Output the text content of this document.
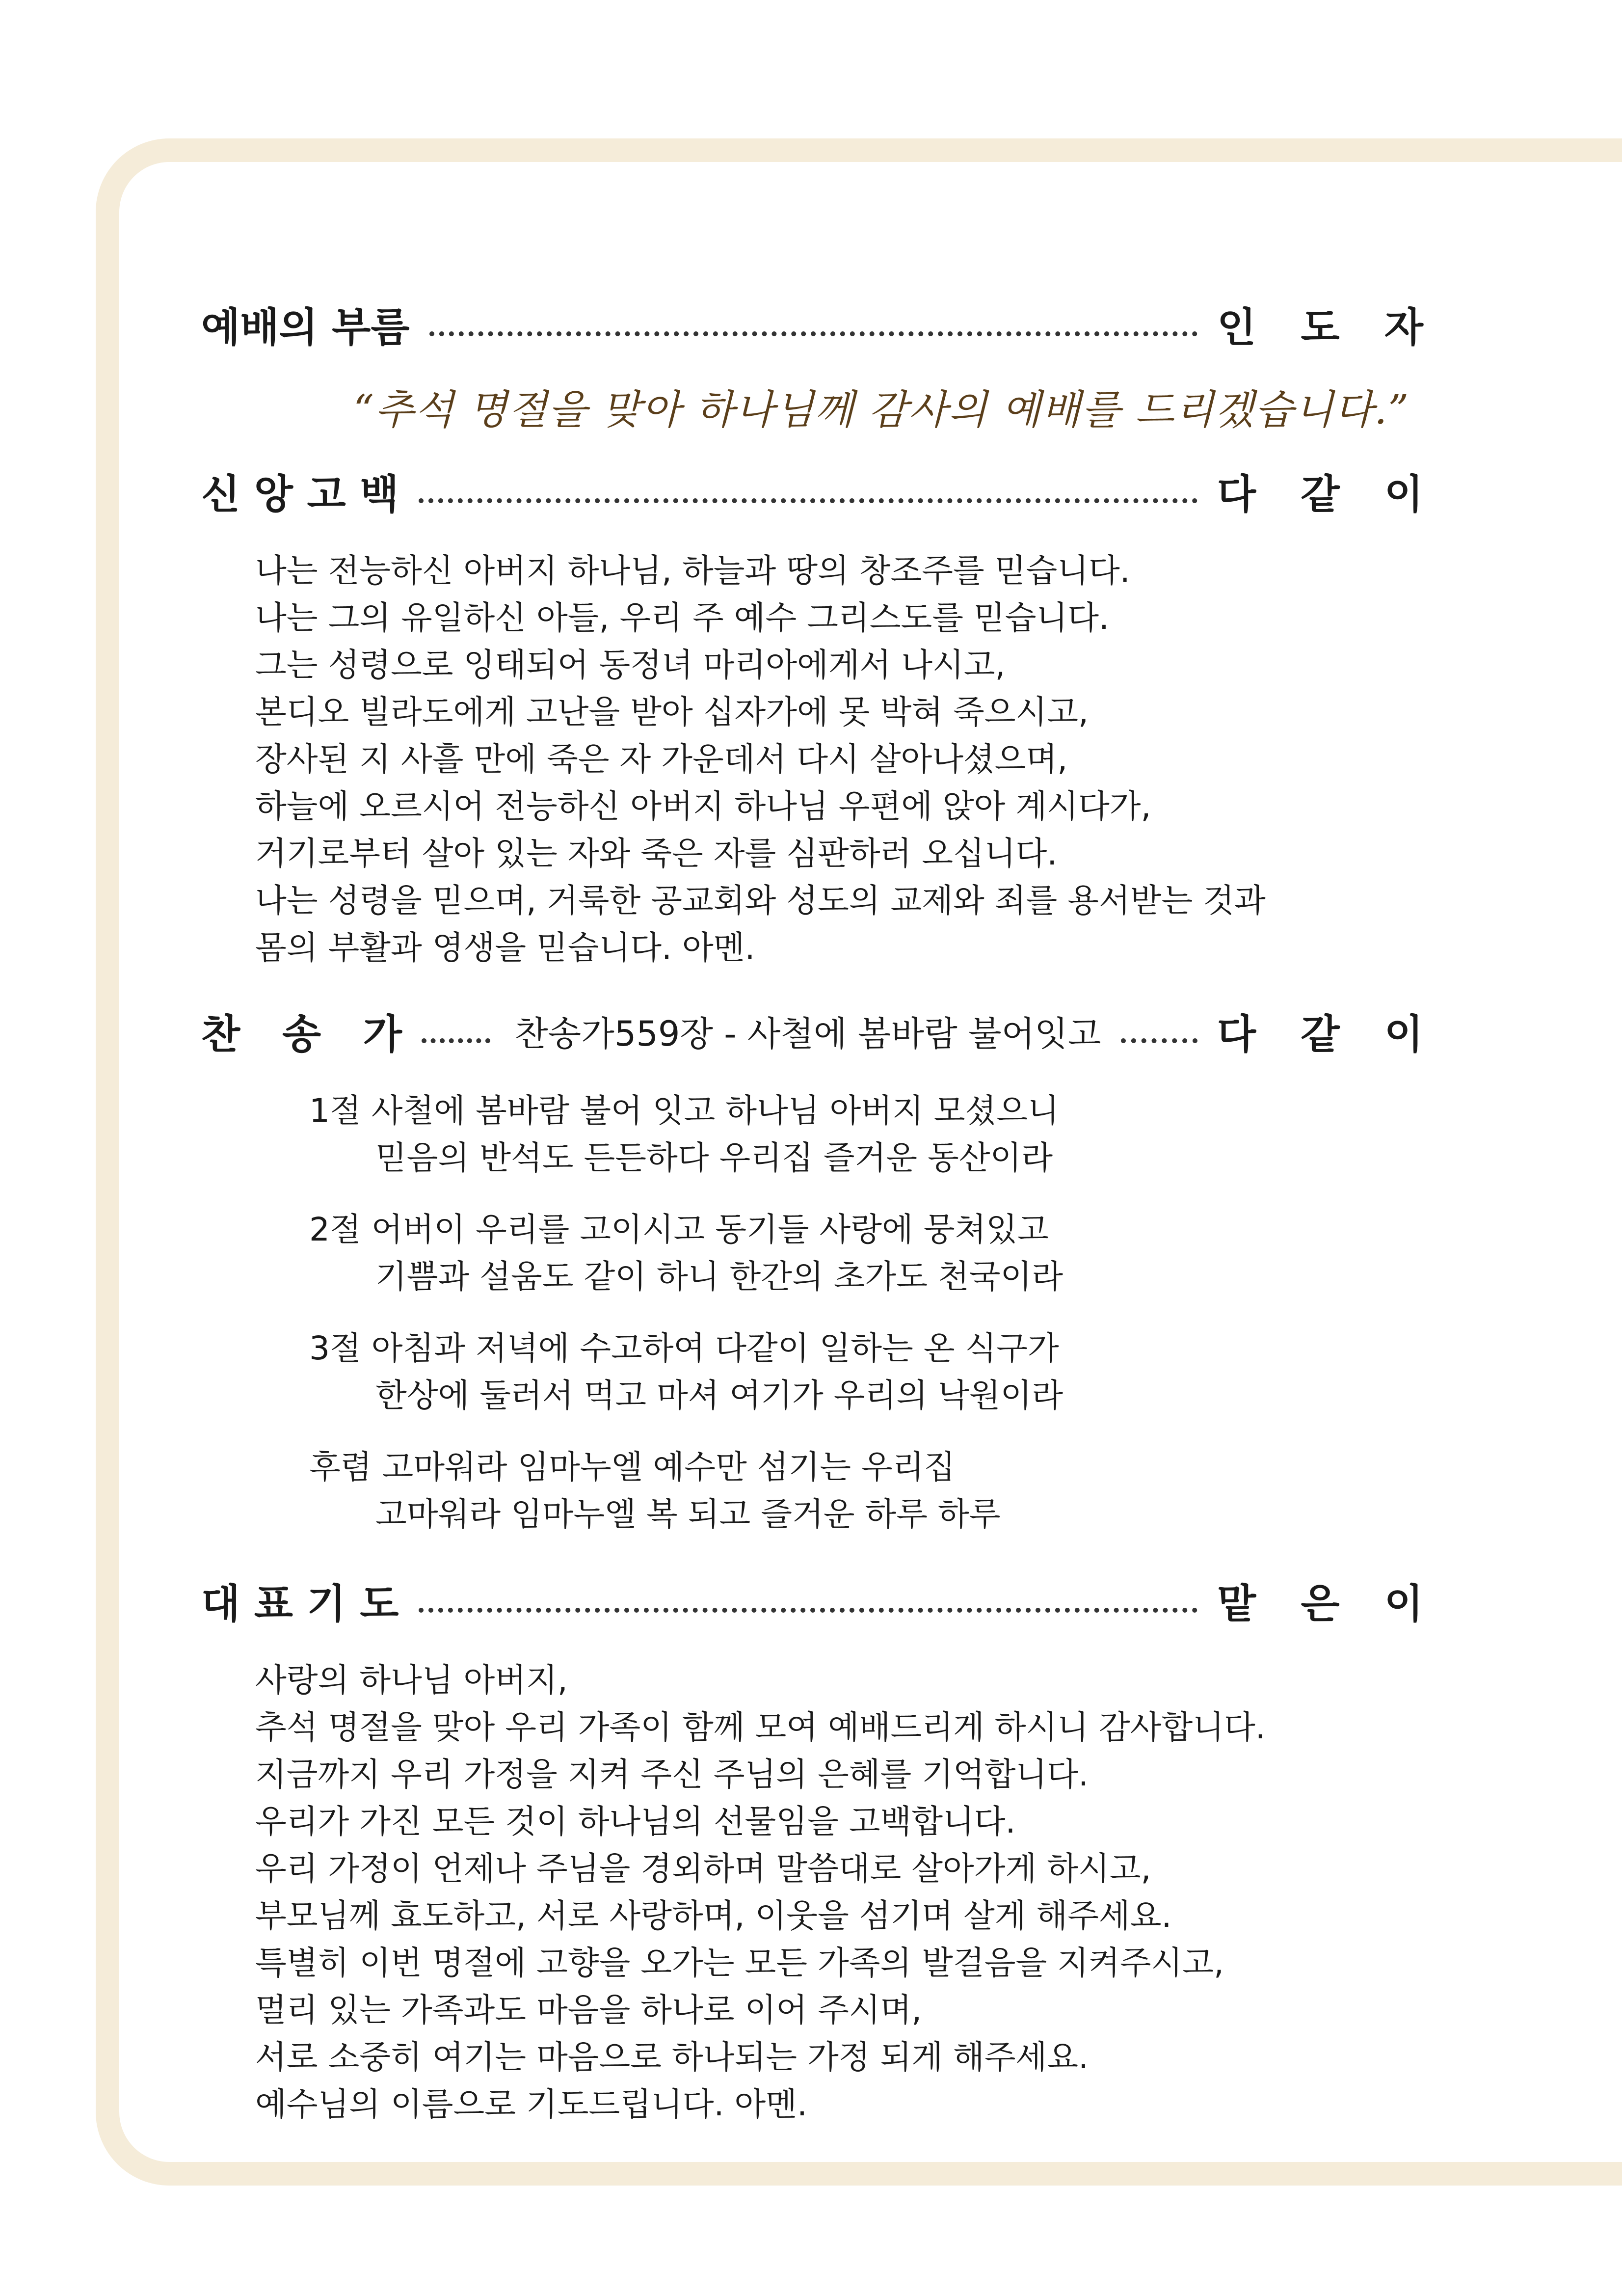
예배의 부름	인 도 자
“추석 명절을 맞아 하나님께 감사의 예배를 드리겠습니다.”
신 앙 고 백	다 같 이
나는 전능하신 아버지 하나님, 하늘과 땅의 창조주를 믿습니다.
나는 그의 유일하신 아들, 우리 주 예수 그리스도를 믿습니다.
그는 성령으로 잉태되어 동정녀 마리아에게서 나시고,
본디오 빌라도에게 고난을 받아 십자가에 못 박혀 죽으시고,
장사된 지 사흘 만에 죽은 자 가운데서 다시 살아나셨으며,
하늘에 오르시어 전능하신 아버지 하나님 우편에 앉아 계시다가,
거기로부터 살아 있는 자와 죽은 자를 심판하러 오십니다.
나는 성령을 믿으며, 거룩한 공교회와 성도의 교제와 죄를 용서받는 것과
몸의 부활과 영생을 믿습니다. 아멘.
찬   송   가	찬송가559장 - 사철에 봄바람 불어잇고	다 같 이
1절 사철에 봄바람 불어 잇고 하나님 아버지 모셨으니
믿음의 반석도 든든하다 우리집 즐거운 동산이라
2절 어버이 우리를 고이시고 동기들 사랑에 뭉쳐있고
기쁨과 설움도 같이 하니 한간의 초가도 천국이라
3절 아침과 저녁에 수고하여 다같이 일하는 온 식구가
한상에 둘러서 먹고 마셔 여기가 우리의 낙원이라
후렴 고마워라 임마누엘 예수만 섬기는 우리집
고마워라 임마누엘 복 되고 즐거운 하루 하루
대 표 기 도	맡 은 이
사랑의 하나님 아버지,
추석 명절을 맞아 우리 가족이 함께 모여 예배드리게 하시니 감사합니다.
지금까지 우리 가정을 지켜 주신 주님의 은혜를 기억합니다.
우리가 가진 모든 것이 하나님의 선물임을 고백합니다.
우리 가정이 언제나 주님을 경외하며 말씀대로 살아가게 하시고,
부모님께 효도하고, 서로 사랑하며, 이웃을 섬기며 살게 해주세요.
특별히 이번 명절에 고향을 오가는 모든 가족의 발걸음을 지켜주시고,
멀리 있는 가족과도 마음을 하나로 이어 주시며,
서로 소중히 여기는 마음으로 하나되는 가정 되게 해주세요.
예수님의 이름으로 기도드립니다. 아멘.
